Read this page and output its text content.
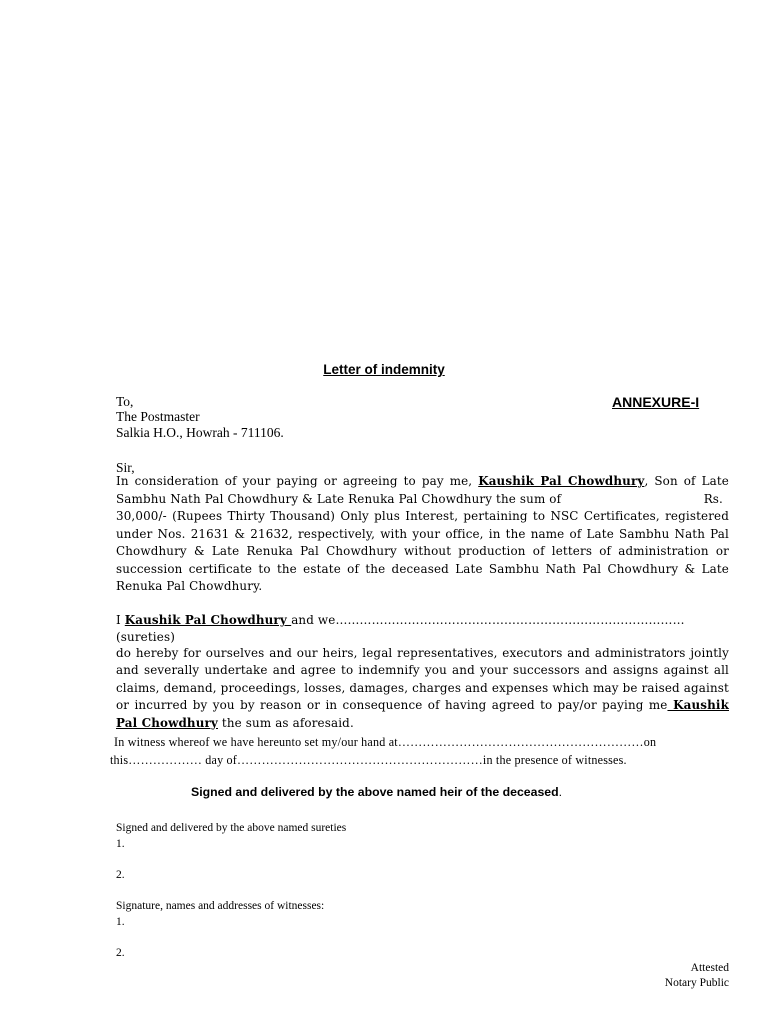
Letter of indemnity
ANNEXURE-I
To,
The Postmaster
Salkia H.O., Howrah - 711106.
Sir,

In consideration of your paying or agreeing to pay me, Kaushik Pal Chowdhury, Son of Late

Sambhu Nath Pal Chowdhury & Late Renuka Pal Chowdhury the sum of	Rs.

30,000/- (Rupees Thirty Thousand) Only plus Interest, pertaining to NSC Certificates, registered under Nos. 21631 & 21632, respectively, with your office, in the name of Late Sambhu Nath Pal Chowdhury & Late Renuka Pal Chowdhury without production of letters of administration or succession certificate to the estate of the deceased Late Sambhu Nath Pal Chowdhury & Late Renuka Pal Chowdhury.

I Kaushik Pal Chowdhury and we……………………………………………………………………………

(sureties)

do hereby for ourselves and our heirs, legal representatives, executors and administrators jointly and severally undertake and agree to indemnify you and your successors and assigns against all claims, demand, proceedings, losses, damages, charges and expenses which may be raised against or incurred by you by reason or in consequence of having agreed to pay/or paying me Kaushik Pal Chowdhury the sum as aforesaid.

In witness whereof we have hereunto set my/our hand at……………………………………………………on
this……………… day of……………………………………………………in the presence of witnesses.
Signed and delivered by the above named heir of the deceased.
Signed and delivered by the above named sureties
1.
2.
Signature, names and addresses of witnesses:
1.
2.
Attested
Notary Public
